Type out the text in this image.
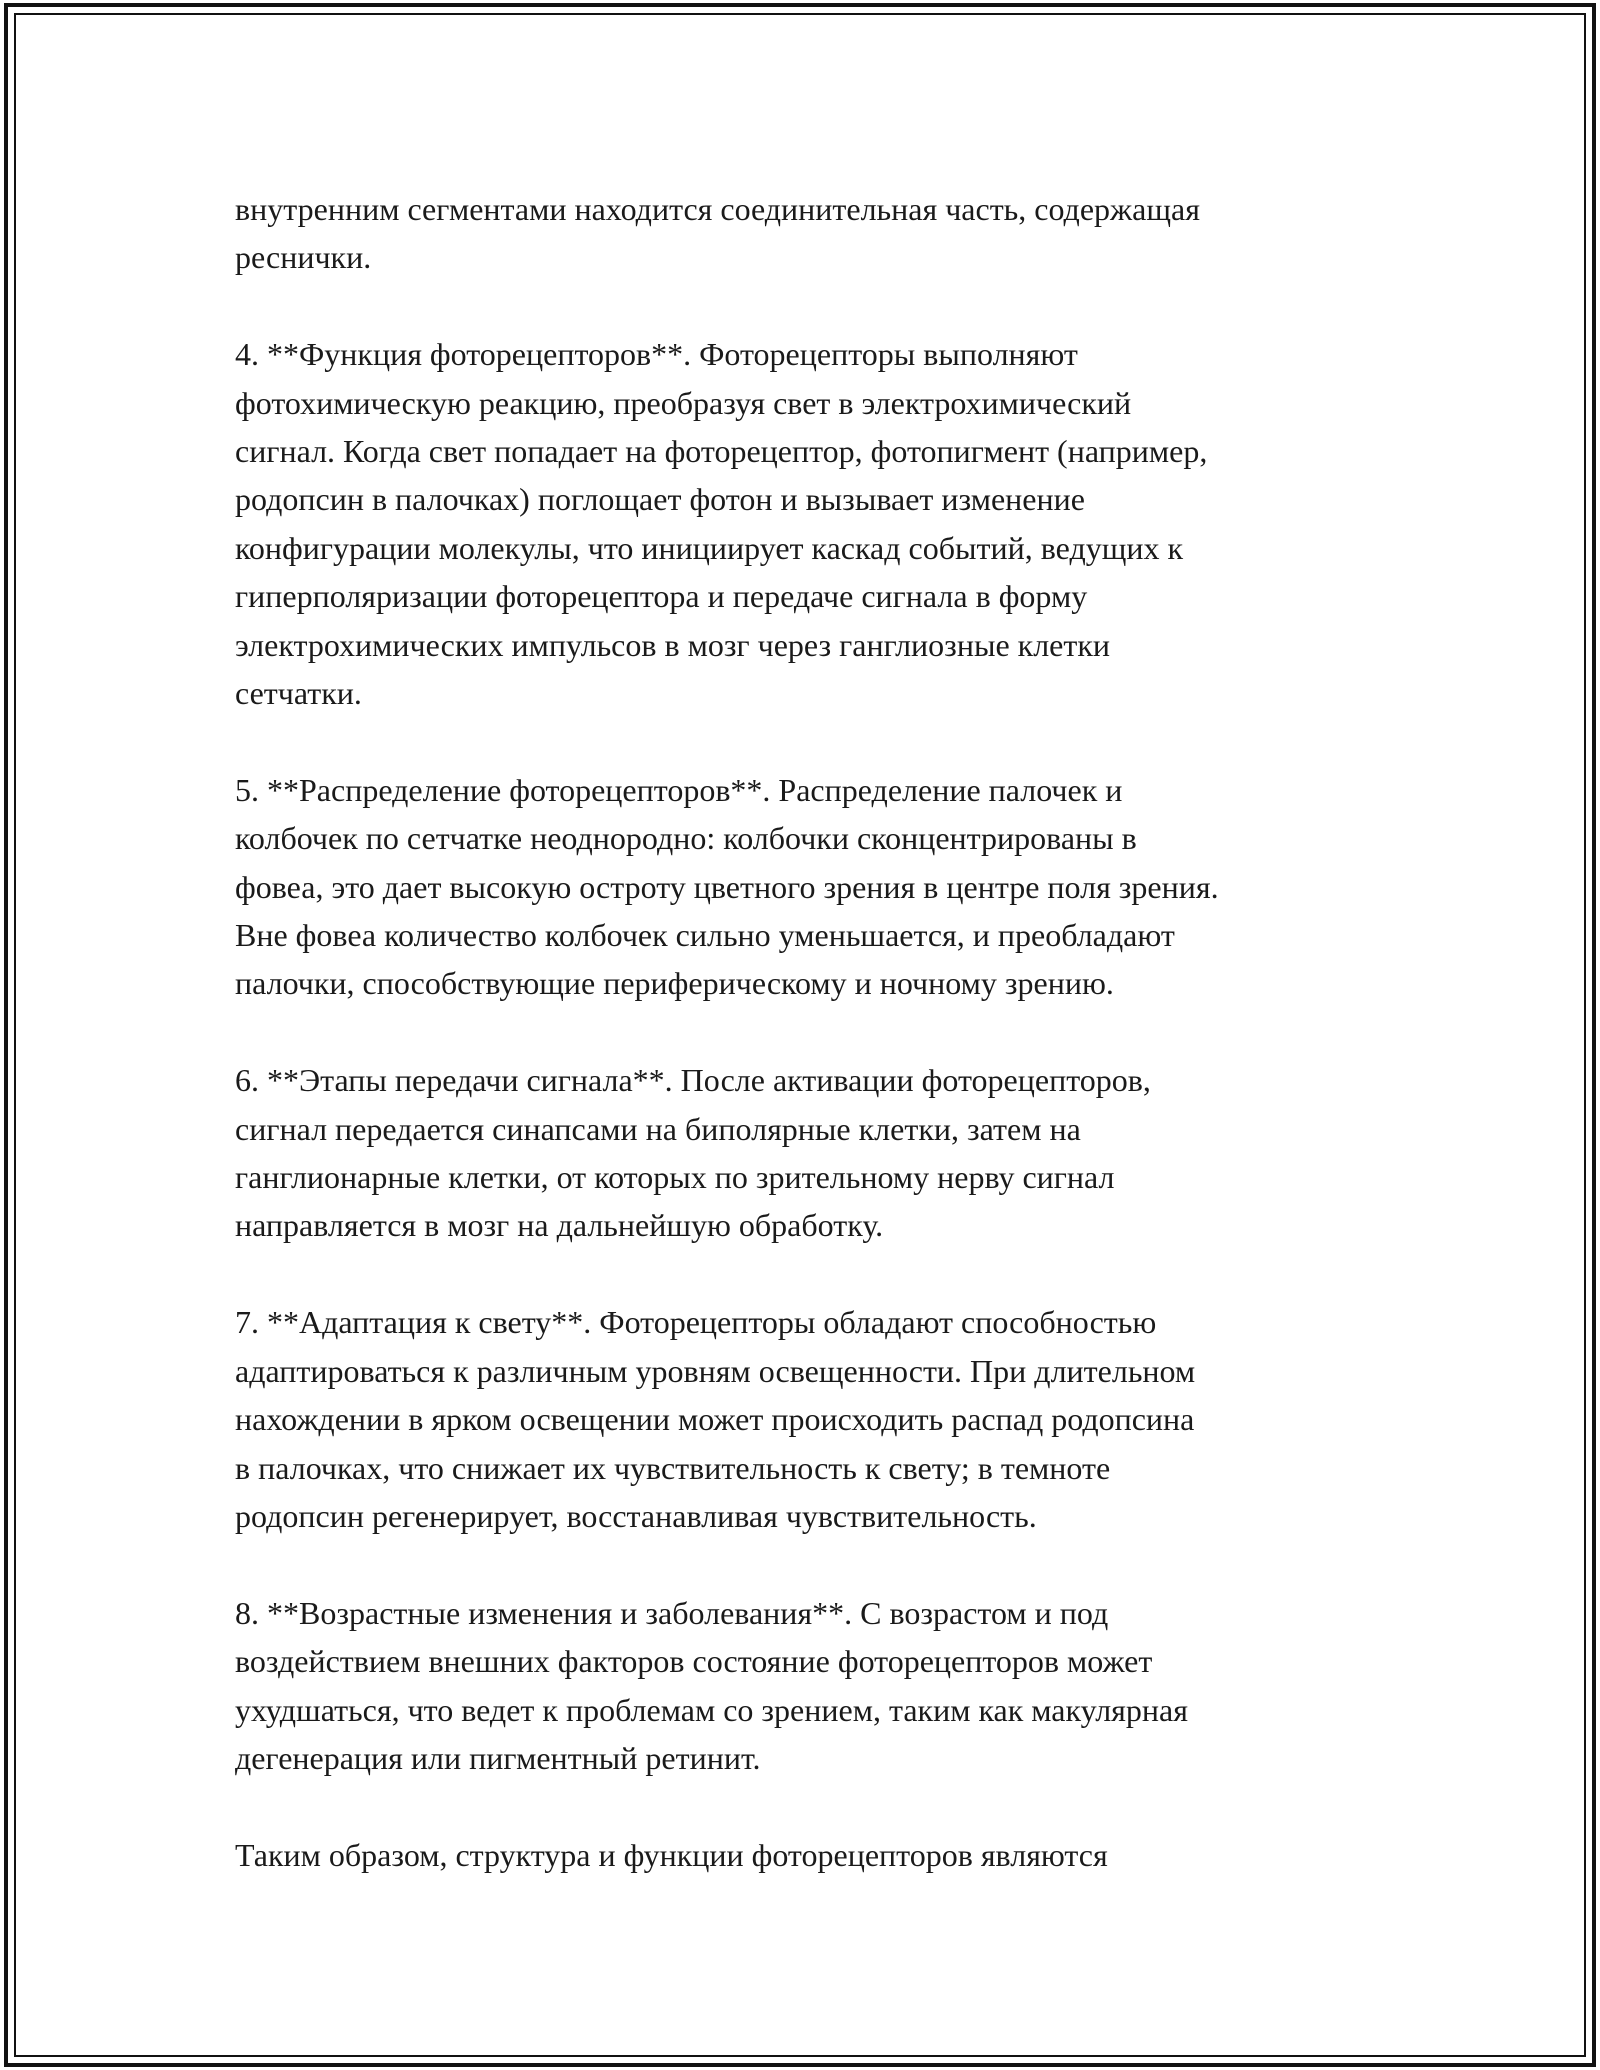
внутренним сегментами находится соединительная часть, содержащая
реснички.

4. **Функция фоторецепторов**. Фоторецепторы выполняют
фотохимическую реакцию, преобразуя свет в электрохимический
сигнал. Когда свет попадает на фоторецептор, фотопигмент (например,
родопсин в палочках) поглощает фотон и вызывает изменение
конфигурации молекулы, что инициирует каскад событий, ведущих к
гиперполяризации фоторецептора и передаче сигнала в форму
электрохимических импульсов в мозг через ганглиозные клетки
сетчатки.

5. **Распределение фоторецепторов**. Распределение палочек и
колбочек по сетчатке неоднородно: колбочки сконцентрированы в
фовеа, это дает высокую остроту цветного зрения в центре поля зрения.
Вне фовеа количество колбочек сильно уменьшается, и преобладают
палочки, способствующие периферическому и ночному зрению.

6. **Этапы передачи сигнала**. После активации фоторецепторов,
сигнал передается синапсами на биполярные клетки, затем на
ганглионарные клетки, от которых по зрительному нерву сигнал
направляется в мозг на дальнейшую обработку.

7. **Адаптация к свету**. Фоторецепторы обладают способностью
адаптироваться к различным уровням освещенности. При длительном
нахождении в ярком освещении может происходить распад родопсина
в палочках, что снижает их чувствительность к свету; в темноте
родопсин регенерирует, восстанавливая чувствительность.

8. **Возрастные изменения и заболевания**. С возрастом и под
воздействием внешних факторов состояние фоторецепторов может
ухудшаться, что ведет к проблемам со зрением, таким как макулярная
дегенерация или пигментный ретинит.

Таким образом, структура и функции фоторецепторов являются
